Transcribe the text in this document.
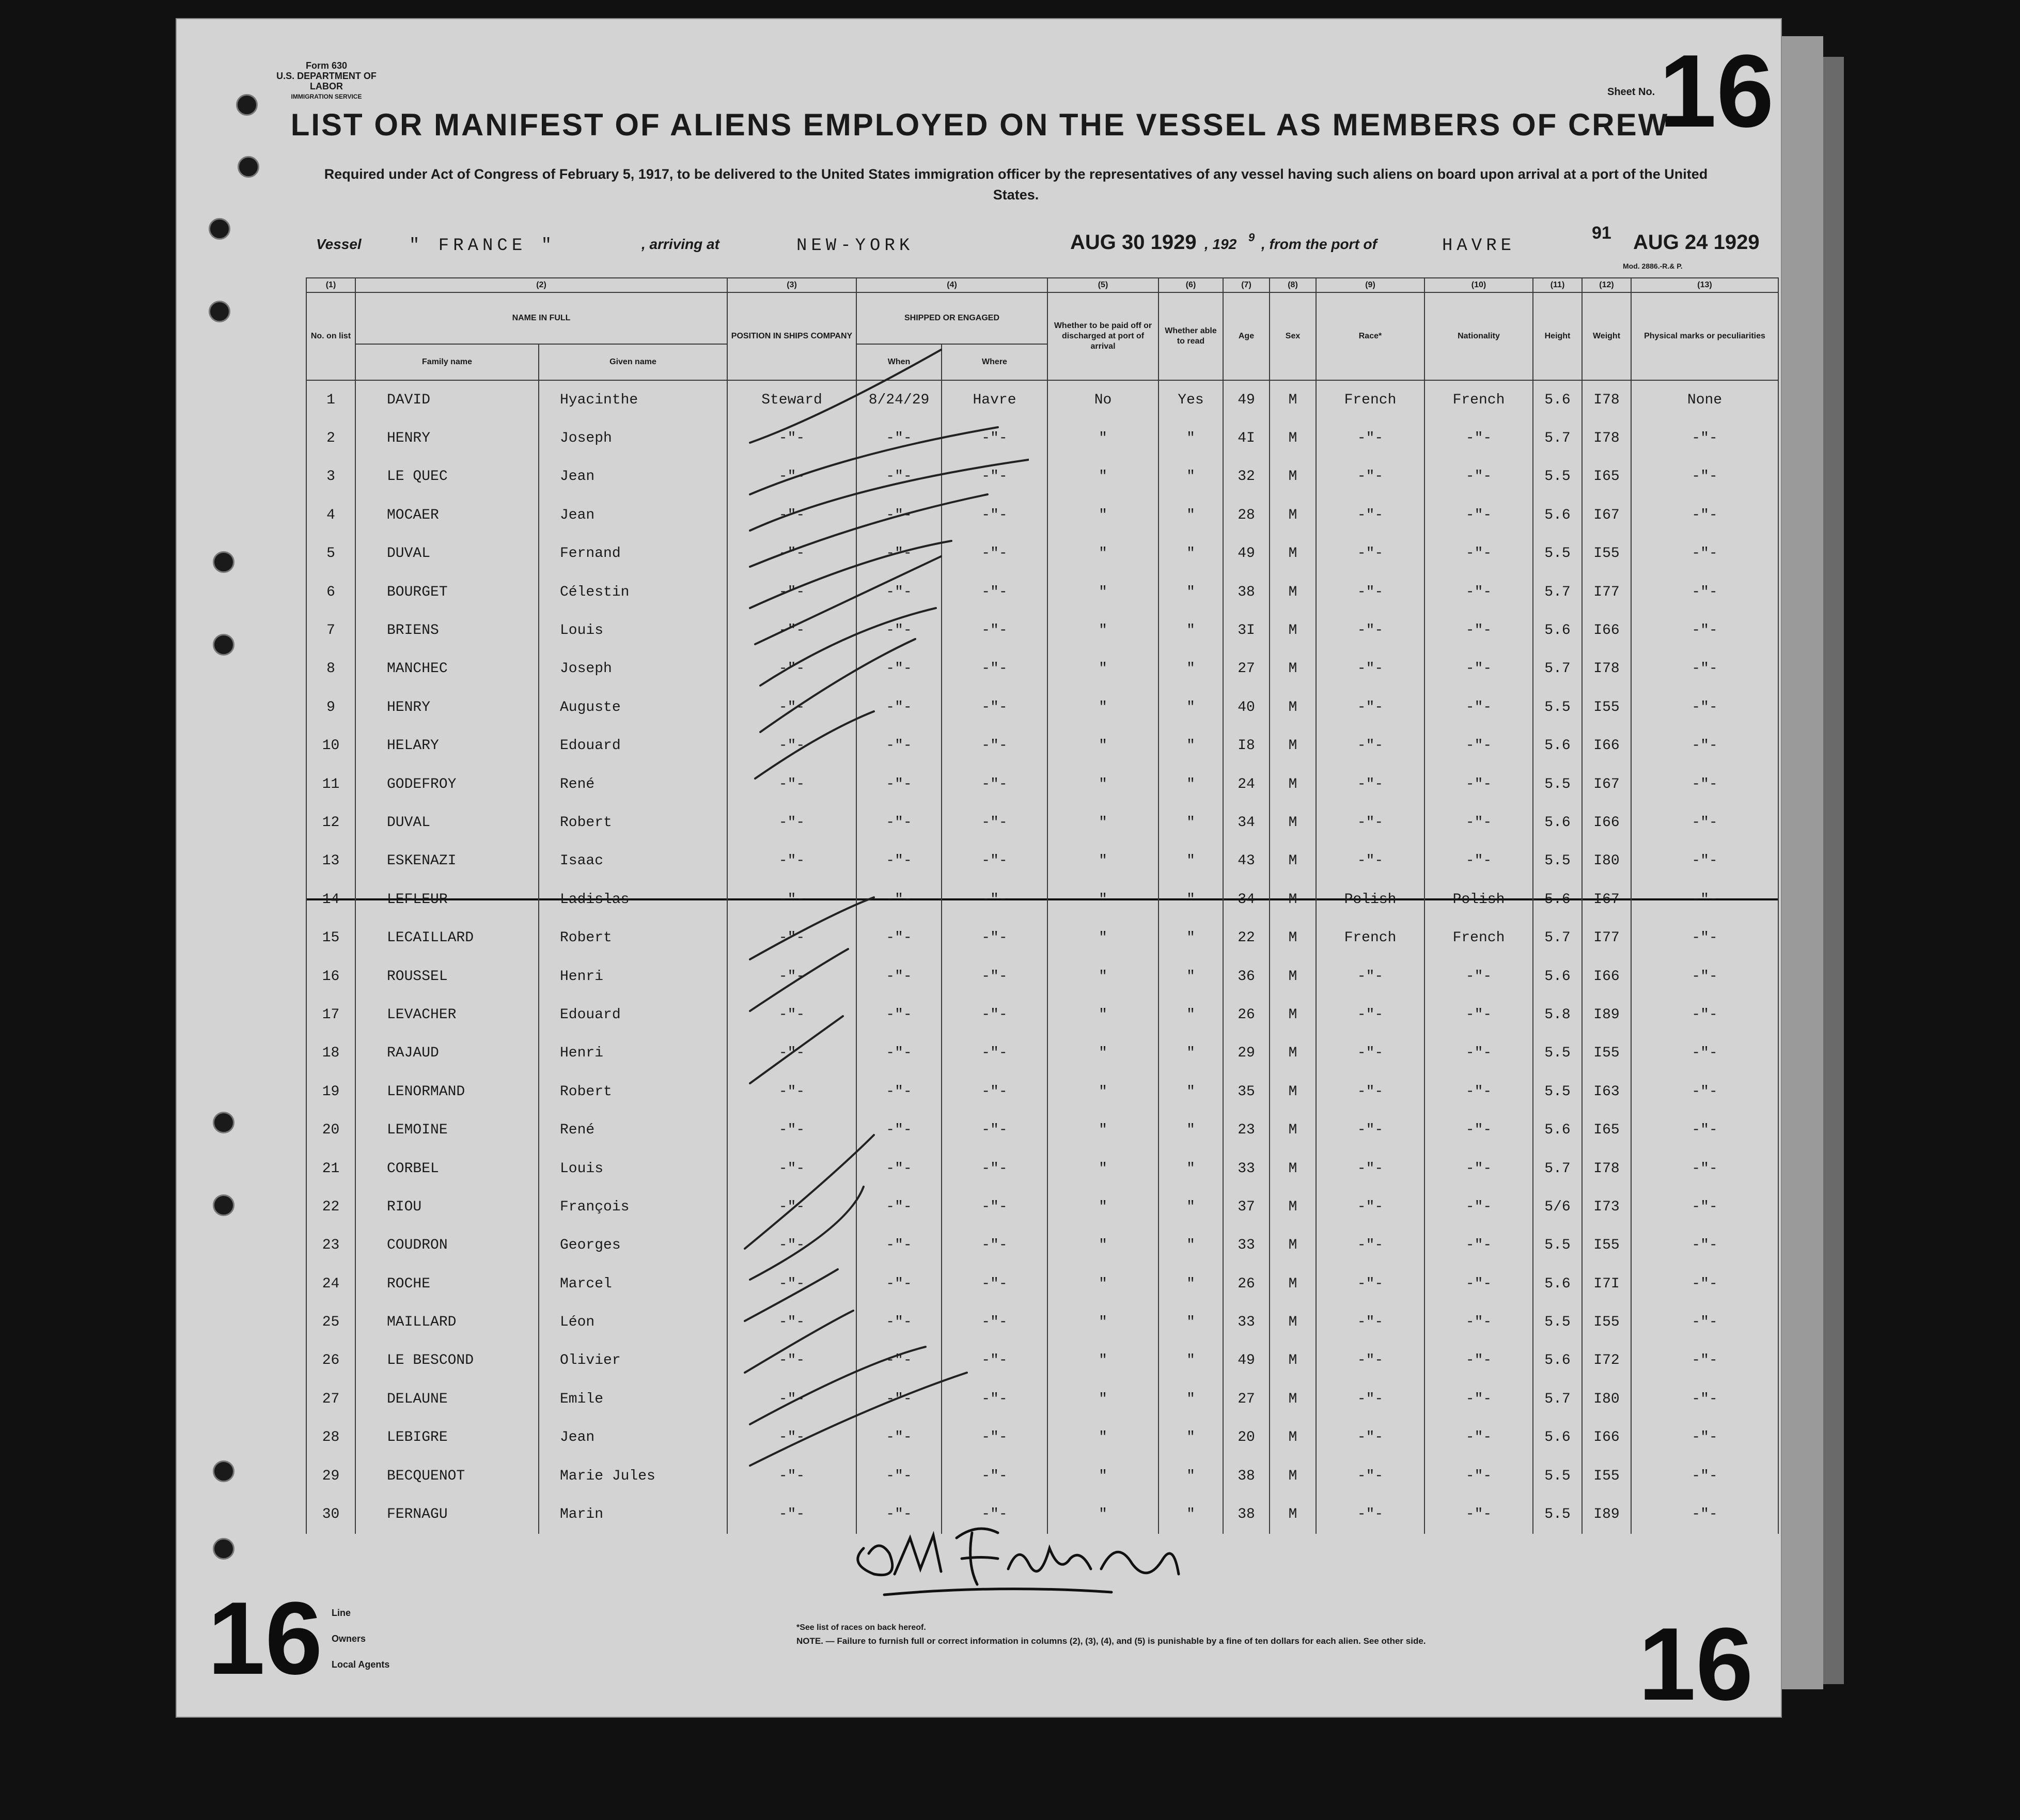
Form 630
U.S. DEPARTMENT OF LABOR
IMMIGRATION SERVICE	Sheet No. 16
LIST OR MANIFEST OF ALIENS EMPLOYED ON THE VESSEL AS MEMBERS OF CREW
Required under Act of Congress of February 5, 1917, to be delivered to the United States immigration officer by the representatives of any vessel having such aliens on board upon arrival at a port of the United States.
Vessel	" FRANCE "	, arriving at	NEW-YORK	AUG 30 1929 , 192 9 , from the port of	HAVRE
91 AUG 24 1929
Mod. 2886.-R.& P.
(1)	(2)		(3)	(4)		(5)	(6)	(7)	(8)	(9)	(10)	(11)	(12)	(13)
No. on list	NAME IN FULL		POSITION IN SHIPS COMPANY	SHIPPED OR ENGAGED		Whether to be paid off or discharged at port of arrival	Whether able to read	Age	Sex	Race*	Nationality	Height	Weight	Physical marks or peculiarities
	Family name	Given name		When	Where									
1	DAVID	Hyacinthe	Steward	8/24/29	Havre	No	Yes	49	M	French	French	5.6	I78	None
2	HENRY	Joseph	-"-	-"-	-"-	"	"	4I	M	-"-	-"-	5.7	I78	-"-
3	LE QUEC	Jean	-"-	-"-	-"-	"	"	32	M	-"-	-"-	5.5	I65	-"-
4	MOCAER	Jean	-"-	-"-	-"-	"	"	28	M	-"-	-"-	5.6	I67	-"-
5	DUVAL	Fernand	-"-	-"-	-"-	"	"	49	M	-"-	-"-	5.5	I55	-"-
6	BOURGET	Célestin	-"-	-"-	-"-	"	"	38	M	-"-	-"-	5.7	I77	-"-
7	BRIENS	Louis	-"-	-"-	-"-	"	"	3I	M	-"-	-"-	5.6	I66	-"-
8	MANCHEC	Joseph	-"-	-"-	-"-	"	"	27	M	-"-	-"-	5.7	I78	-"-
9	HENRY	Auguste	-"-	-"-	-"-	"	"	40	M	-"-	-"-	5.5	I55	-"-
10	HELARY	Edouard	-"-	-"-	-"-	"	"	I8	M	-"-	-"-	5.6	I66	-"-
11	GODEFROY	René	-"-	-"-	-"-	"	"	24	M	-"-	-"-	5.5	I67	-"-
12	DUVAL	Robert	-"-	-"-	-"-	"	"	34	M	-"-	-"-	5.6	I66	-"-
13	ESKENAZI	Isaac	-"-	-"-	-"-	"	"	43	M	-"-	-"-	5.5	I80	-"-
14	LEFLEUR	Ladislas	-"-	-"-	-"-	"	"	34	M	Polish	Polish	5.6	I67	-"-
15	LECAILLARD	Robert	-"-	-"-	-"-	"	"	22	M	French	French	5.7	I77	-"-
16	ROUSSEL	Henri	-"-	-"-	-"-	"	"	36	M	-"-	-"-	5.6	I66	-"-
17	LEVACHER	Edouard	-"-	-"-	-"-	"	"	26	M	-"-	-"-	5.8	I89	-"-
18	RAJAUD	Henri	-"-	-"-	-"-	"	"	29	M	-"-	-"-	5.5	I55	-"-
19	LENORMAND	Robert	-"-	-"-	-"-	"	"	35	M	-"-	-"-	5.5	I63	-"-
20	LEMOINE	René	-"-	-"-	-"-	"	"	23	M	-"-	-"-	5.6	I65	-"-
21	CORBEL	Louis	-"-	-"-	-"-	"	"	33	M	-"-	-"-	5.7	I78	-"-
22	RIOU	François	-"-	-"-	-"-	"	"	37	M	-"-	-"-	5/6	I73	-"-
23	COUDRON	Georges	-"-	-"-	-"-	"	"	33	M	-"-	-"-	5.5	I55	-"-
24	ROCHE	Marcel	-"-	-"-	-"-	"	"	26	M	-"-	-"-	5.6	I7I	-"-
25	MAILLARD	Léon	-"-	-"-	-"-	"	"	33	M	-"-	-"-	5.5	I55	-"-
26	LE BESCOND	Olivier	-"-	-"-	-"-	"	"	49	M	-"-	-"-	5.6	I72	-"-
27	DELAUNE	Emile	-"-	-"-	-"-	"	"	27	M	-"-	-"-	5.7	I80	-"-
28	LEBIGRE	Jean	-"-	-"-	-"-	"	"	20	M	-"-	-"-	5.6	I66	-"-
29	BECQUENOT	Marie Jules	-"-	-"-	-"-	"	"	38	M	-"-	-"-	5.5	I55	-"-
30	FERNAGU	Marin	-"-	-"-	-"-	"	"	38	M	-"-	-"-	5.5	I89	-"-
16	16
Line
Owners
Local Agents
*See list of races on back hereof.
NOTE. — Failure to furnish full or correct information in columns (2), (3), (4), and (5) is punishable by a fine of ten dollars for each alien. See other side.
